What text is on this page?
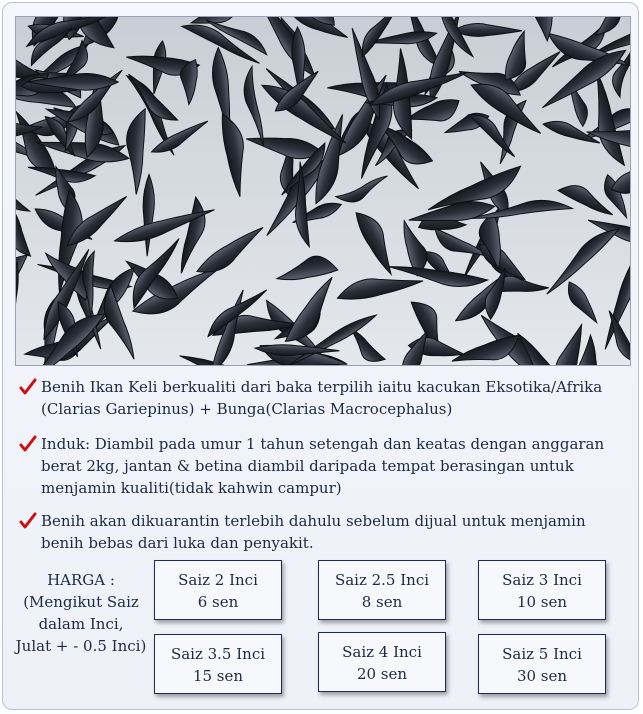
Benih Ikan Keli berkualiti dari baka terpilih iaitu kacukan Eksotika/Afrika (Clarias Gariepinus) + Bunga(Clarias Macrocephalus)
Induk: Diambil pada umur 1 tahun setengah dan keatas dengan anggaran berat 2kg, jantan & betina diambil daripada tempat berasingan untuk menjamin kualiti(tidak kahwin campur)
Benih akan dikuarantin terlebih dahulu sebelum dijual untuk menjamin benih bebas dari luka dan penyakit.
HARGA :
(Mengikut Saiz
dalam Inci,
Julat + - 0.5 Inci)
Saiz 2 Inci
6 sen
Saiz 2.5 Inci
8 sen
Saiz 3 Inci
10 sen
Saiz 3.5 Inci
15 sen
Saiz 4 Inci
20 sen
Saiz 5 Inci
30 sen
